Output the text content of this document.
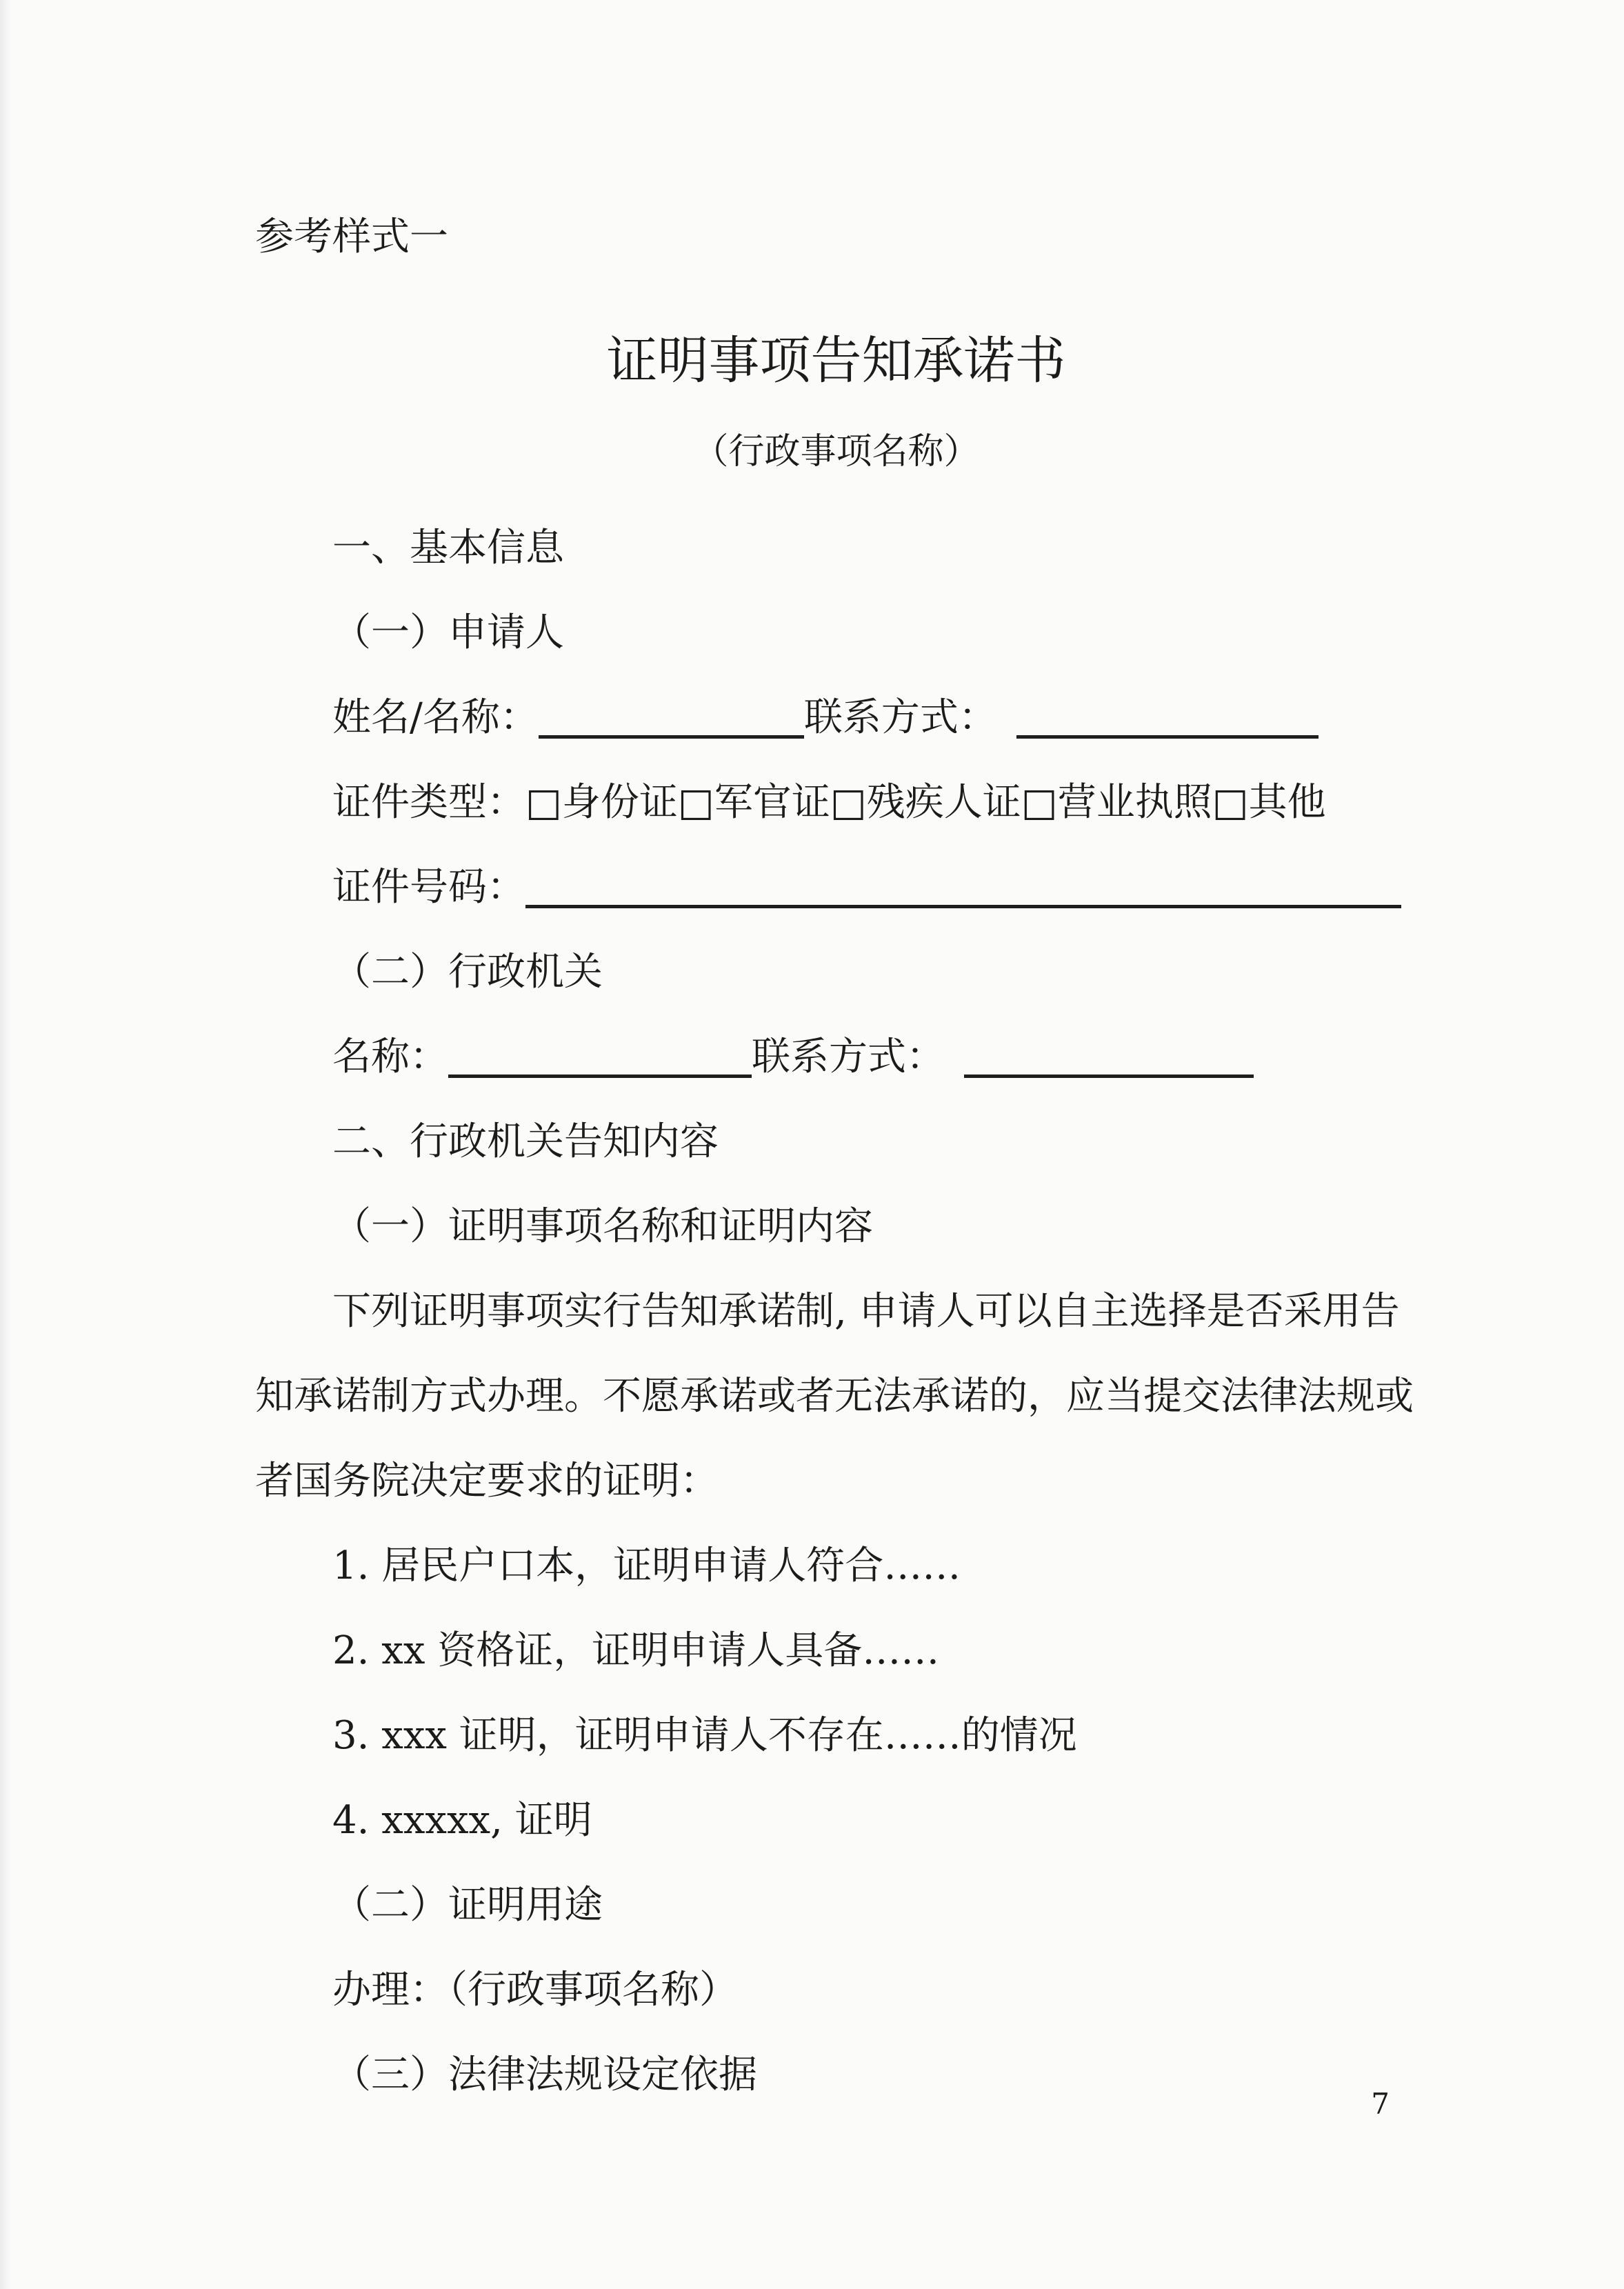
参考样式一
证明事项告知承诺书
（行政事项名称）
一、基本信息
（一）申请人
姓名/名称：	联系方式：
证件类型：□身份证□军官证□残疾人证□营业执照□其他
证件号码：
（二）行政机关
名称：	联系方式：
二、行政机关告知内容
（一）证明事项名称和证明内容
下列证明事项实行告知承诺制, 申请人可以自主选择是否采用告
知承诺制方式办理。不愿承诺或者无法承诺的，应当提交法律法规或
者国务院决定要求的证明：
1. 居民户口本，证明申请人符合……
2. xx 资格证，证明申请人具备……
3. xxx 证明，证明申请人不存在……的情况
4. xxxxx, 证明
（二）证明用途
办理：（行政事项名称）
（三）法律法规设定依据
7
